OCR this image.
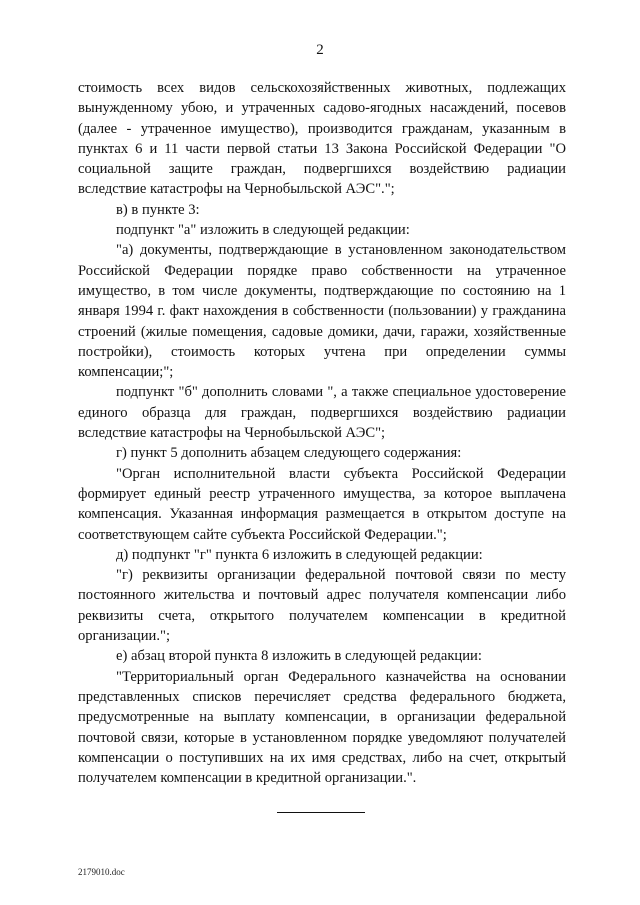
2

стоимость всех видов сельскохозяйственных животных, подлежащих вынужденному убою, и утраченных садово-ягодных насаждений, посевов (далее - утраченное имущество), производится гражданам, указанным в пунктах 6 и 11 части первой статьи 13 Закона Российской Федерации "О социальной защите граждан, подвергшихся воздействию радиации вследствие катастрофы на Чернобыльской АЭС".";

в) в пункте 3:

подпункт "а" изложить в следующей редакции:

"а) документы, подтверждающие в установленном законодательством Российской Федерации порядке право собственности на утраченное имущество, в том числе документы, подтверждающие по состоянию на 1 января 1994 г. факт нахождения в собственности (пользовании) у гражданина строений (жилые помещения, садовые домики, дачи, гаражи, хозяйственные постройки), стоимость которых учтена при определении суммы компенсации;";

подпункт "б" дополнить словами ", а также специальное удостоверение единого образца для граждан, подвергшихся воздействию радиации вследствие катастрофы на Чернобыльской АЭС";

г) пункт 5 дополнить абзацем следующего содержания:

"Орган исполнительной власти субъекта Российской Федерации формирует единый реестр утраченного имущества, за которое выплачена компенсация. Указанная информация размещается в открытом доступе на соответствующем сайте субъекта Российской Федерации.";

д) подпункт "г" пункта 6 изложить в следующей редакции:

"г) реквизиты организации федеральной почтовой связи по месту постоянного жительства и почтовый адрес получателя компенсации либо реквизиты счета, открытого получателем компенсации в кредитной организации.";

е) абзац второй пункта 8 изложить в следующей редакции:

"Территориальный орган Федерального казначейства на основании представленных списков перечисляет средства федерального бюджета, предусмотренные на выплату компенсации, в организации федеральной почтовой связи, которые в установленном порядке уведомляют получателей компенсации о поступивших на их имя средствах, либо на счет, открытый получателем компенсации в кредитной организации.".

2179010.doc
